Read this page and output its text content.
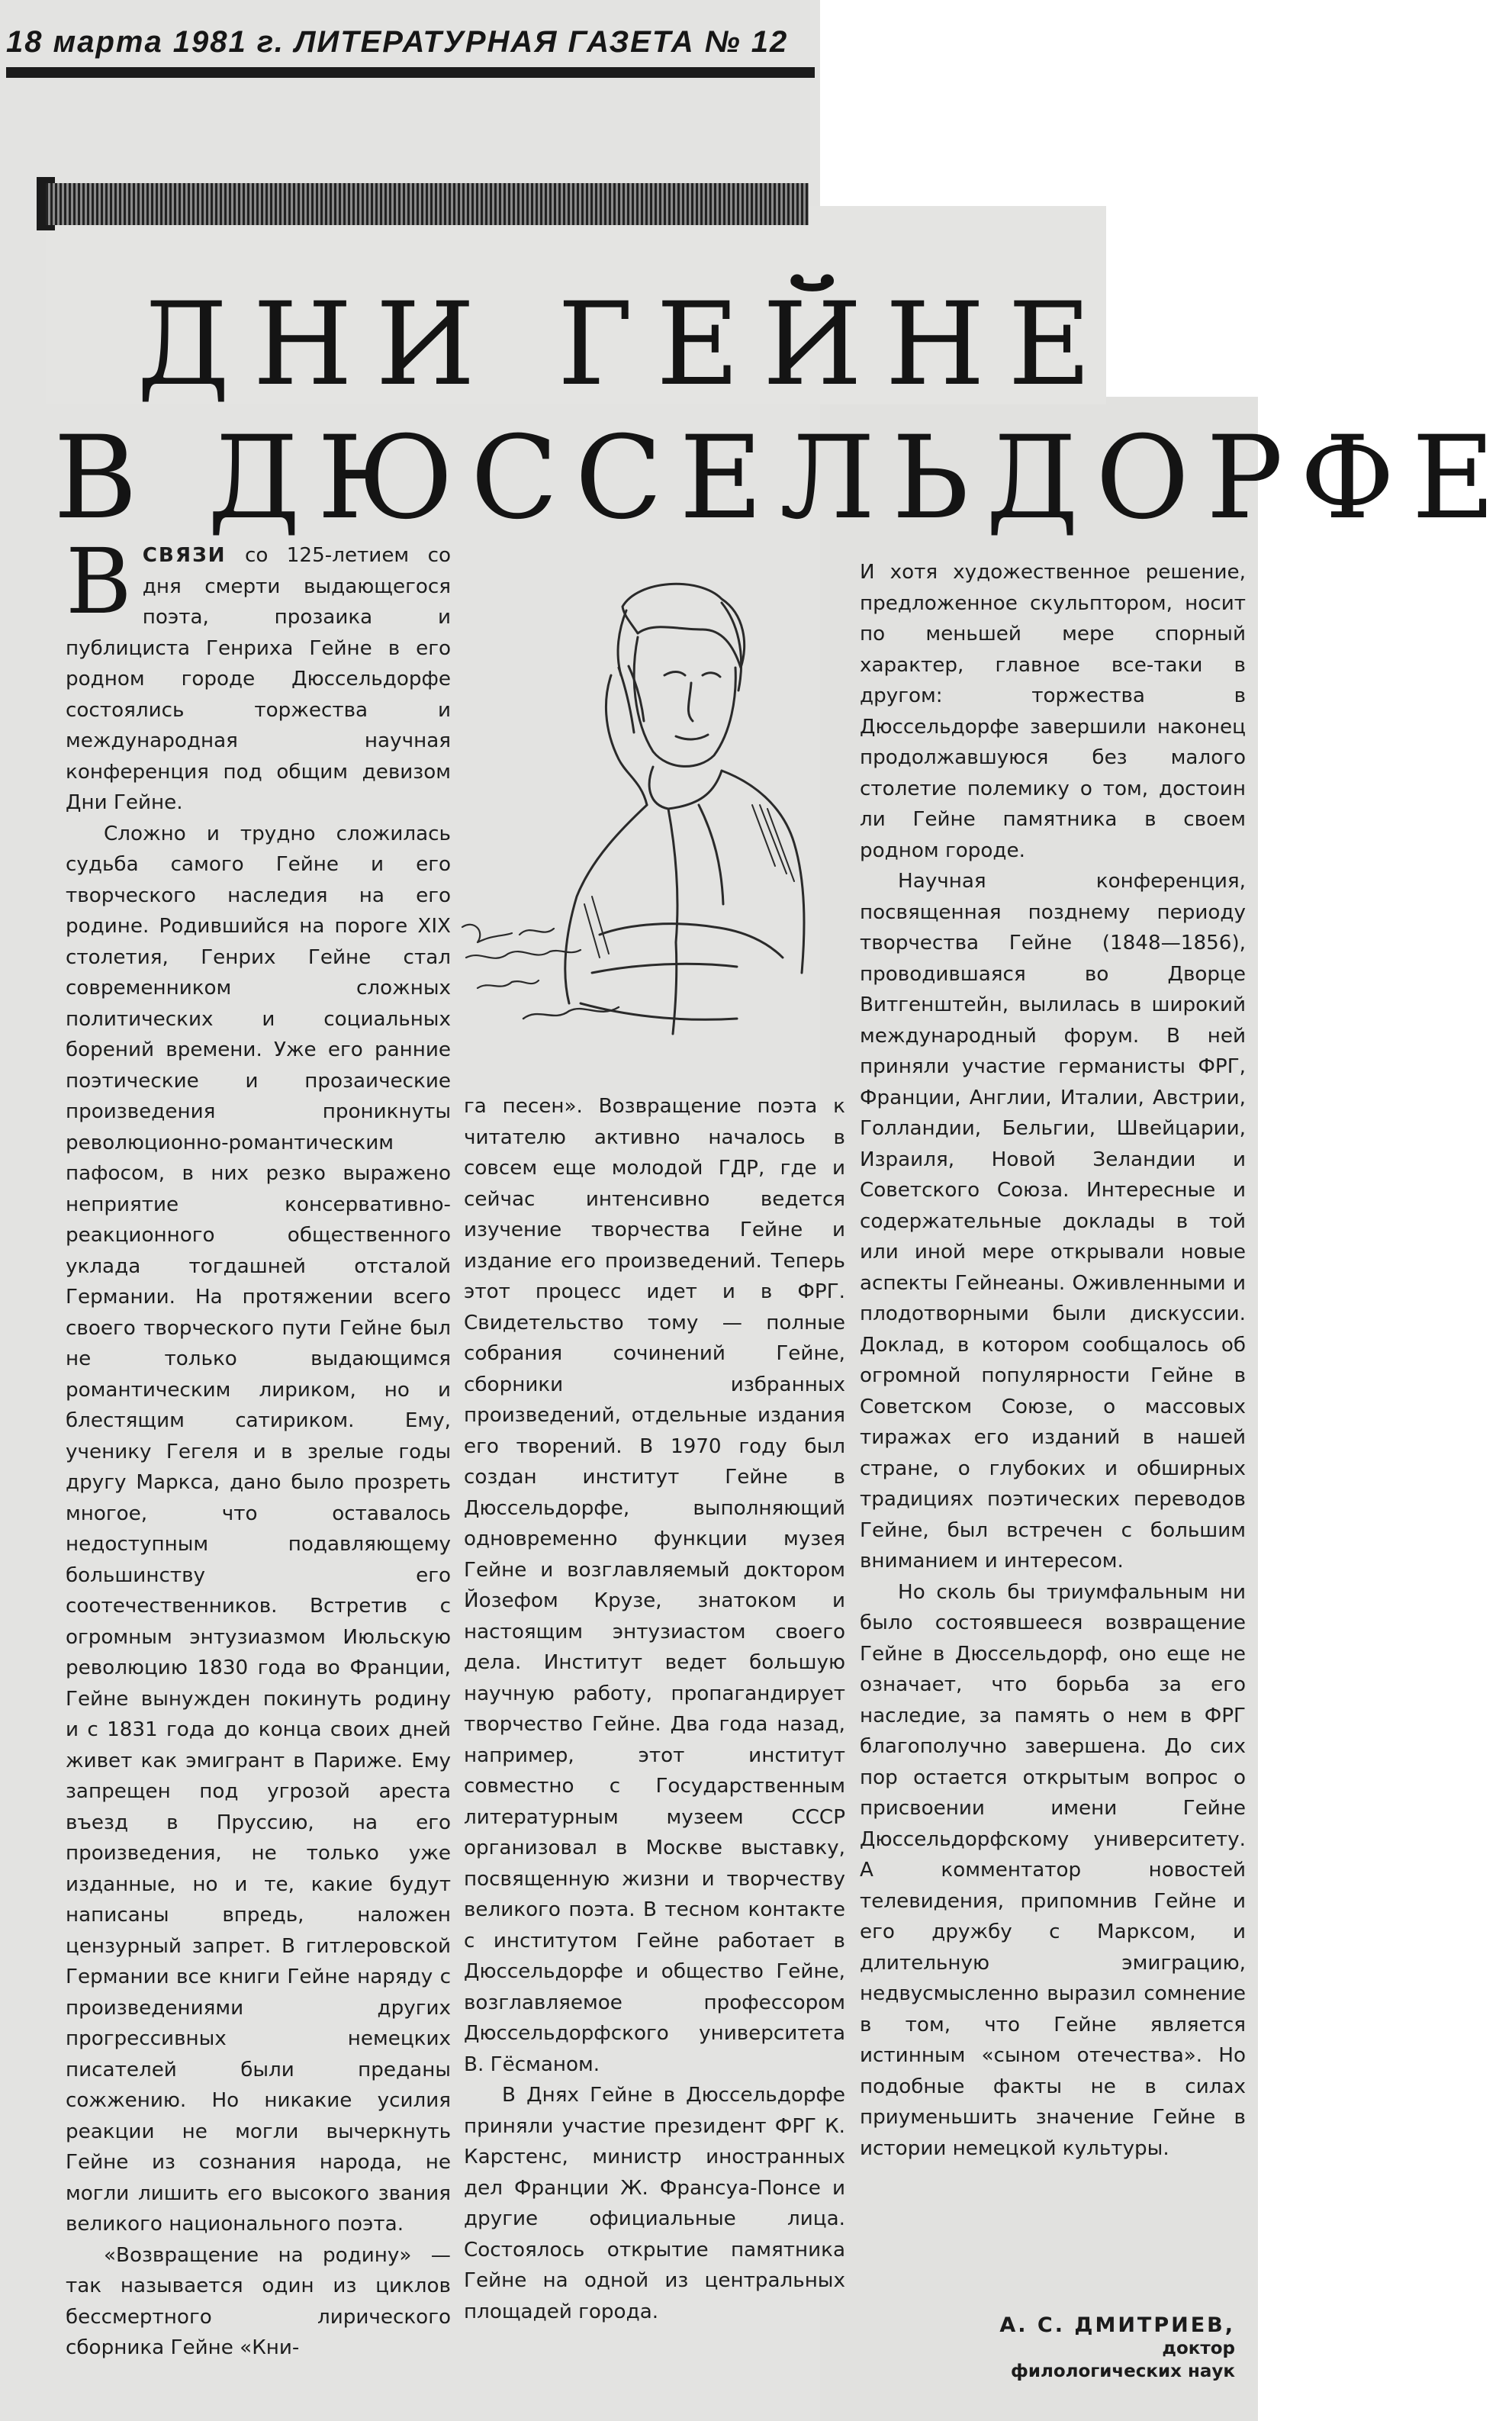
18 марта 1981 г. ЛИТЕРАТУРНАЯ ГАЗЕТА № 12
ДНИ ГЕЙНЕ
В ДЮССЕЛЬДОРФЕ

ВСВЯЗИ со 125-летием со дня смерти выдающегося поэта, прозаика и публициста Генриха Гейне в его родном городе Дюссельдорфе состоялись торжества и международная научная конференция под общим девизом Дни Гейне.

Сложно и трудно сложилась судьба самого Гейне и его творческого наследия на его родине. Родившийся на пороге XIX столетия, Генрих Гейне стал современником сложных политических и социальных борений времени. Уже его ранние поэтические и прозаические произведения проникнуты революционно-романтическим пафосом, в них резко выражено неприятие консервативно-реакционного общественного уклада тогдашней отсталой Германии. На протяжении всего своего творческого пути Гейне был не только выдающимся романтическим лириком, но и блестящим сатириком. Ему, ученику Гегеля и в зрелые годы другу Маркса, дано было прозреть многое, что оставалось недоступным подавляющему большинству его соотечественников. Встретив с огромным энтузиазмом Июльскую революцию 1830 года во Франции, Гейне вынужден покинуть родину и с 1831 года до конца своих дней живет как эмигрант в Париже. Ему запрещен под угрозой ареста въезд в Пруссию, на его произведения, не только уже изданные, но и те, какие будут написаны впредь, наложен цензурный запрет. В гитлеровской Германии все книги Гейне наряду с произведениями других прогрессивных немецких писателей были преданы сожжению. Но никакие усилия реакции не могли вычеркнуть Гейне из сознания народа, не могли лишить его высокого звания великого национального поэта.

«Возвращение на родину» — так называется один из циклов бессмертного лирического сборника Гейне «Кни-

га песен». Возвращение поэта к читателю активно началось в совсем еще молодой ГДР, где и сейчас интенсивно ведется изучение творчества Гейне и издание его произведений. Теперь этот процесс идет и в ФРГ. Свидетельство тому — полные собрания сочинений Гейне, сборники избранных произведений, отдельные издания его творений. В 1970 году был создан институт Гейне в Дюссельдорфе, выполняющий одновременно функции музея Гейне и возглавляемый доктором Йозефом Крузе, знатоком и настоящим энтузиастом своего дела. Институт ведет большую научную работу, пропагандирует творчество Гейне. Два года назад, например, этот институт совместно с Государственным литературным музеем СССР организовал в Москве выставку, посвященную жизни и творчеству великого поэта. В тесном контакте с институтом Гейне работает в Дюссельдорфе и общество Гейне, возглавляемое профессором Дюссельдорфского университета В. Гёсманом.

В Днях Гейне в Дюссельдорфе приняли участие президент ФРГ К. Карстенс, министр иностранных дел Франции Ж. Франсуа-Понсе и другие официальные лица. Состоялось открытие памятника Гейне на одной из центральных площадей города.

И хотя художественное решение, предложенное скульптором, носит по меньшей мере спорный характер, главное все-таки в другом: торжества в Дюссельдорфе завершили наконец продолжавшуюся без малого столетие полемику о том, достоин ли Гейне памятника в своем родном городе.

Научная конференция, посвященная позднему периоду творчества Гейне (1848—1856), проводившаяся во Дворце Витгенштейн, вылилась в широкий международный форум. В ней приняли участие германисты ФРГ, Франции, Англии, Италии, Австрии, Голландии, Бельгии, Швейцарии, Израиля, Новой Зеландии и Советского Союза. Интересные и содержательные доклады в той или иной мере открывали новые аспекты Гейнеаны. Оживленными и плодотворными были дискуссии. Доклад, в котором сообщалось об огромной популярности Гейне в Советском Союзе, о массовых тиражах его изданий в нашей стране, о глубоких и обширных традициях поэтических переводов Гейне, был встречен с большим вниманием и интересом.

Но сколь бы триумфальным ни было состоявшееся возвращение Гейне в Дюссельдорф, оно еще не означает, что борьба за его наследие, за память о нем в ФРГ благополучно завершена. До сих пор остается открытым вопрос о присвоении имени Гейне Дюссельдорфскому университету. А комментатор новостей телевидения, припомнив Гейне и его дружбу с Марксом, и длительную эмиграцию, недвусмысленно выразил сомнение в том, что Гейне является истинным «сыном отечества». Но подобные факты не в силах приуменьшить значение Гейне в истории немецкой культуры.

А. С. ДМИТРИЕВ,
доктор
филологических наук
